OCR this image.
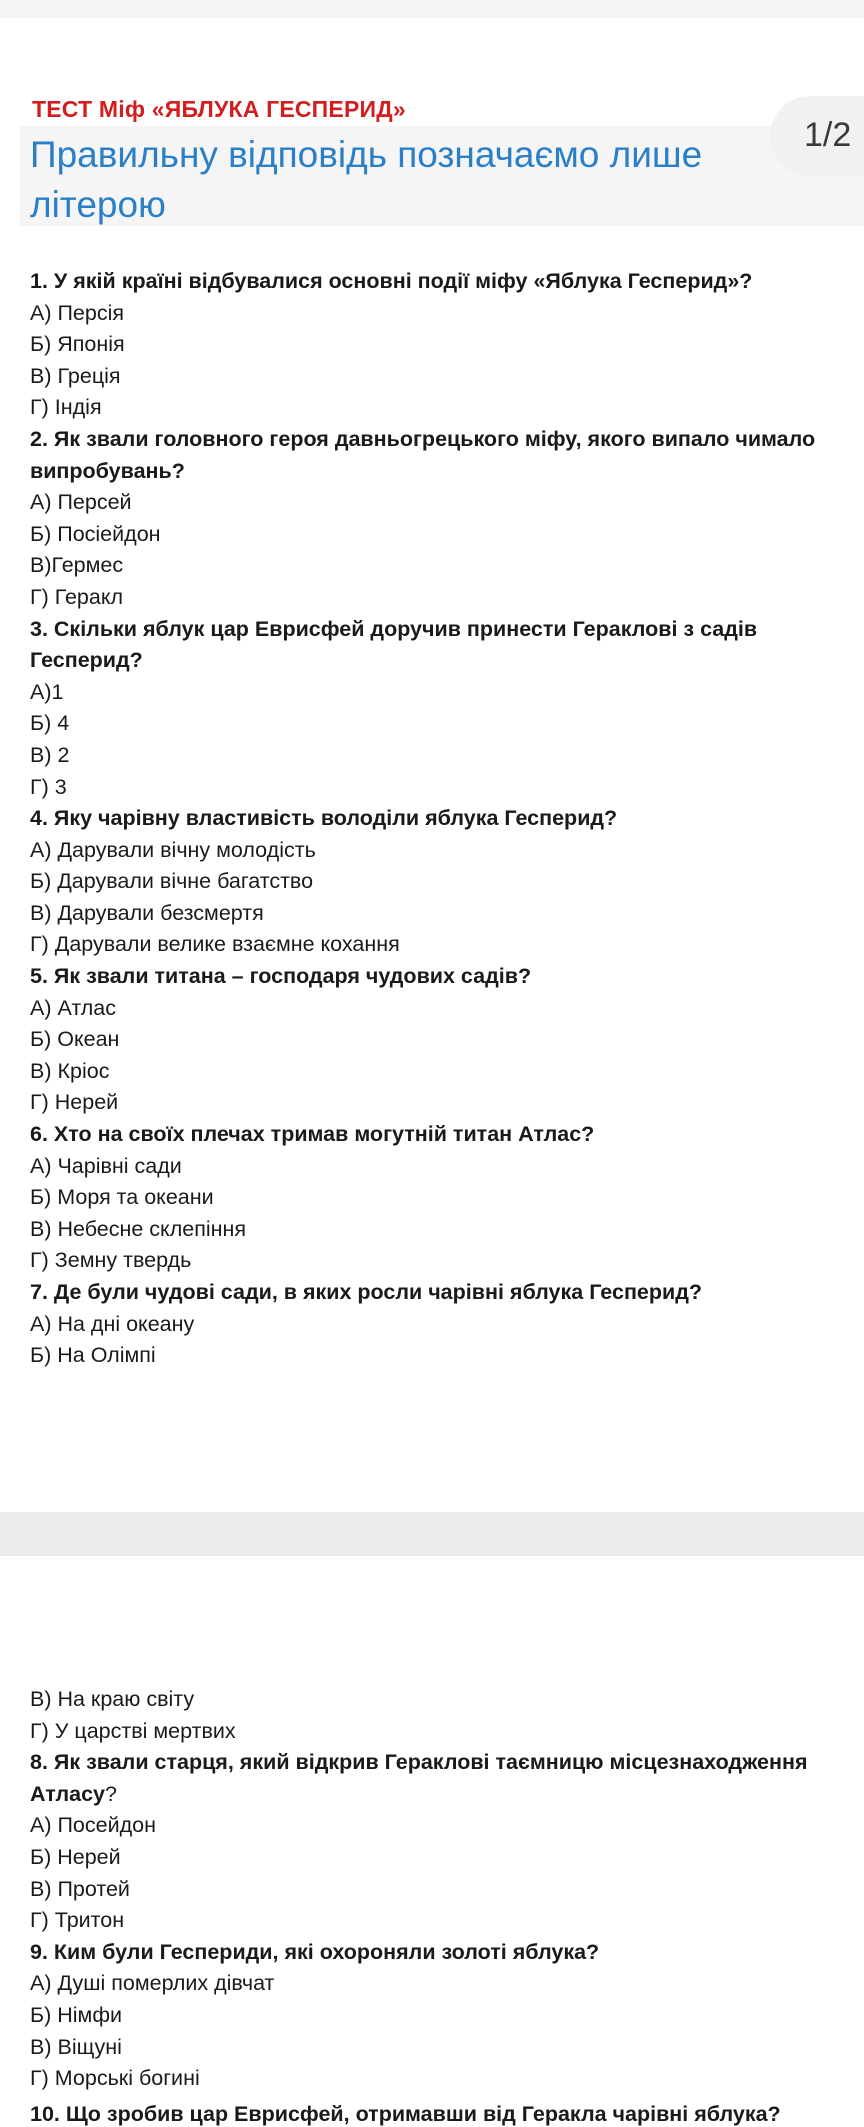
ТЕСТ Міф «ЯБЛУКА ГЕСПЕРИД»

Правильну відповідь позначаємо лише літерою

1/2
1. У якій країні відбувалися основні події міфу «Яблука Гесперид»?
А) Персія
Б) Японія
В) Греція
Г) Індія
2. Як звали головного героя давньогрецького міфу, якого випало чимало
випробувань?
А) Персей
Б) Посіейдон
В)Гермес
Г) Геракл
3. Скільки яблук цар Еврисфей доручив принести Гераклові з садів
Гесперид?
А)1
Б) 4
В) 2
Г) 3
4. Яку чарівну властивість володіли яблука Гесперид?
А) Дарували вічну молодість
Б) Дарували вічне багатство
В) Дарували безсмертя
Г) Дарували велике взаємне кохання
5. Як звали титана – господаря чудових садів?
А) Атлас
Б) Океан
В) Кріос
Г) Нерей
6. Хто на своїх плечах тримав могутній титан Атлас?
А) Чарівні сади
Б) Моря та океани
В) Небесне склепіння
Г) Земну твердь
7. Де були чудові сади, в яких росли чарівні яблука Гесперид?
А) На дні океану
Б) На Олімпі
В) На краю світу
Г) У царстві мертвих
8. Як звали старця, який відкрив Гераклові таємницю місцезнаходження
Атласу?
А) Посейдон
Б) Нерей
В) Протей
Г) Тритон
9. Ким були Геспериди, які охороняли золоті яблука?
А) Душі померлих дівчат
Б) Німфи
В) Віщуні
Г) Морські богині
10. Що зробив цар Еврисфей, отримавши від Геракла чарівні яблука?
